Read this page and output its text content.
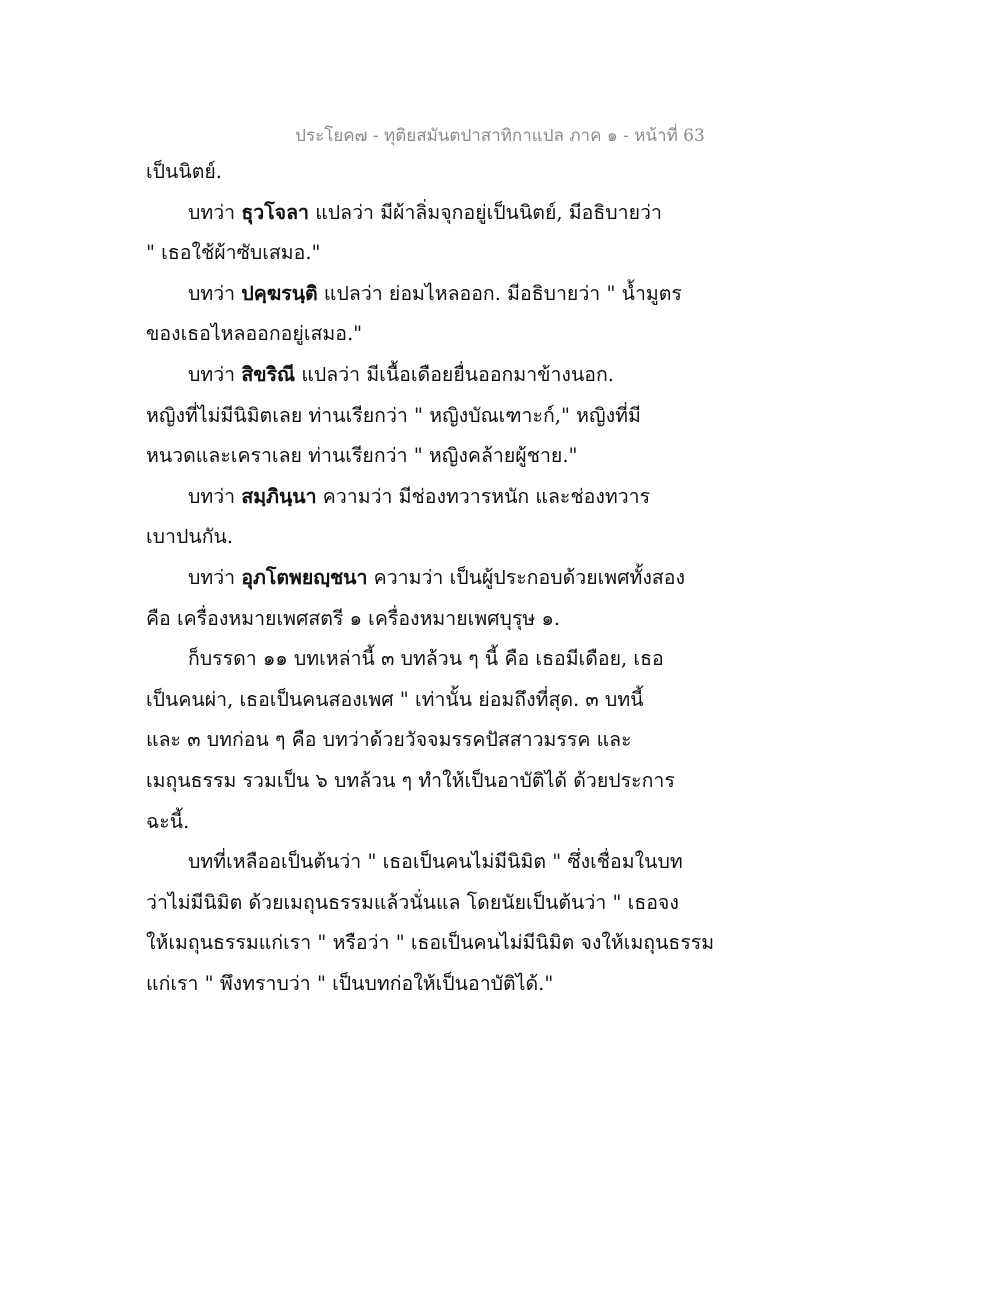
ประโยค๗ - ทุติยสมันตปาสาทิกาแปล ภาค ๑ - หน้าที่ 63
เป็นนิตย์.
บทว่า ธุวโจลา แปลว่า มีผ้าลิ่มจุกอยู่เป็นนิตย์, มีอธิบายว่า
" เธอใช้ผ้าซับเสมอ."
บทว่า ปคฺฆรนฺติ แปลว่า ย่อมไหลออก. มีอธิบายว่า " น้ำมูตร
ของเธอไหลออกอยู่เสมอ."
บทว่า สิขริณี แปลว่า มีเนื้อเดือยยื่นออกมาข้างนอก.
หญิงที่ไม่มีนิมิตเลย ท่านเรียกว่า " หญิงบัณเฑาะก์," หญิงที่มี
หนวดและเคราเลย ท่านเรียกว่า " หญิงคล้ายผู้ชาย."
บทว่า สมฺภินฺนา ความว่า มีช่องทวารหนัก และช่องทวาร
เบาปนกัน.
บทว่า อุภโตพยญฺชนา ความว่า เป็นผู้ประกอบด้วยเพศทั้งสอง
คือ เครื่องหมายเพศสตรี ๑ เครื่องหมายเพศบุรุษ ๑.
ก็บรรดา ๑๑ บทเหล่านี้ ๓ บทล้วน ๆ นี้ คือ เธอมีเดือย, เธอ
เป็นคนผ่า, เธอเป็นคนสองเพศ " เท่านั้น ย่อมถึงที่สุด. ๓ บทนี้
และ ๓ บทก่อน ๆ คือ บทว่าด้วยวัจจมรรคปัสสาวมรรค และ
เมถุนธรรม รวมเป็น ๖ บทล้วน ๆ ทำให้เป็นอาบัติได้ ด้วยประการ
ฉะนี้.
บทที่เหลืออเป็นต้นว่า " เธอเป็นคนไม่มีนิมิต " ซึ่งเชื่อมในบท
ว่าไม่มีนิมิต ด้วยเมถุนธรรมแล้วนั่นแล โดยนัยเป็นต้นว่า " เธอจง
ให้เมถุนธรรมแก่เรา " หรือว่า " เธอเป็นคนไม่มีนิมิต จงให้เมถุนธรรม
แก่เรา " พึงทราบว่า " เป็นบทก่อให้เป็นอาบัติได้."
